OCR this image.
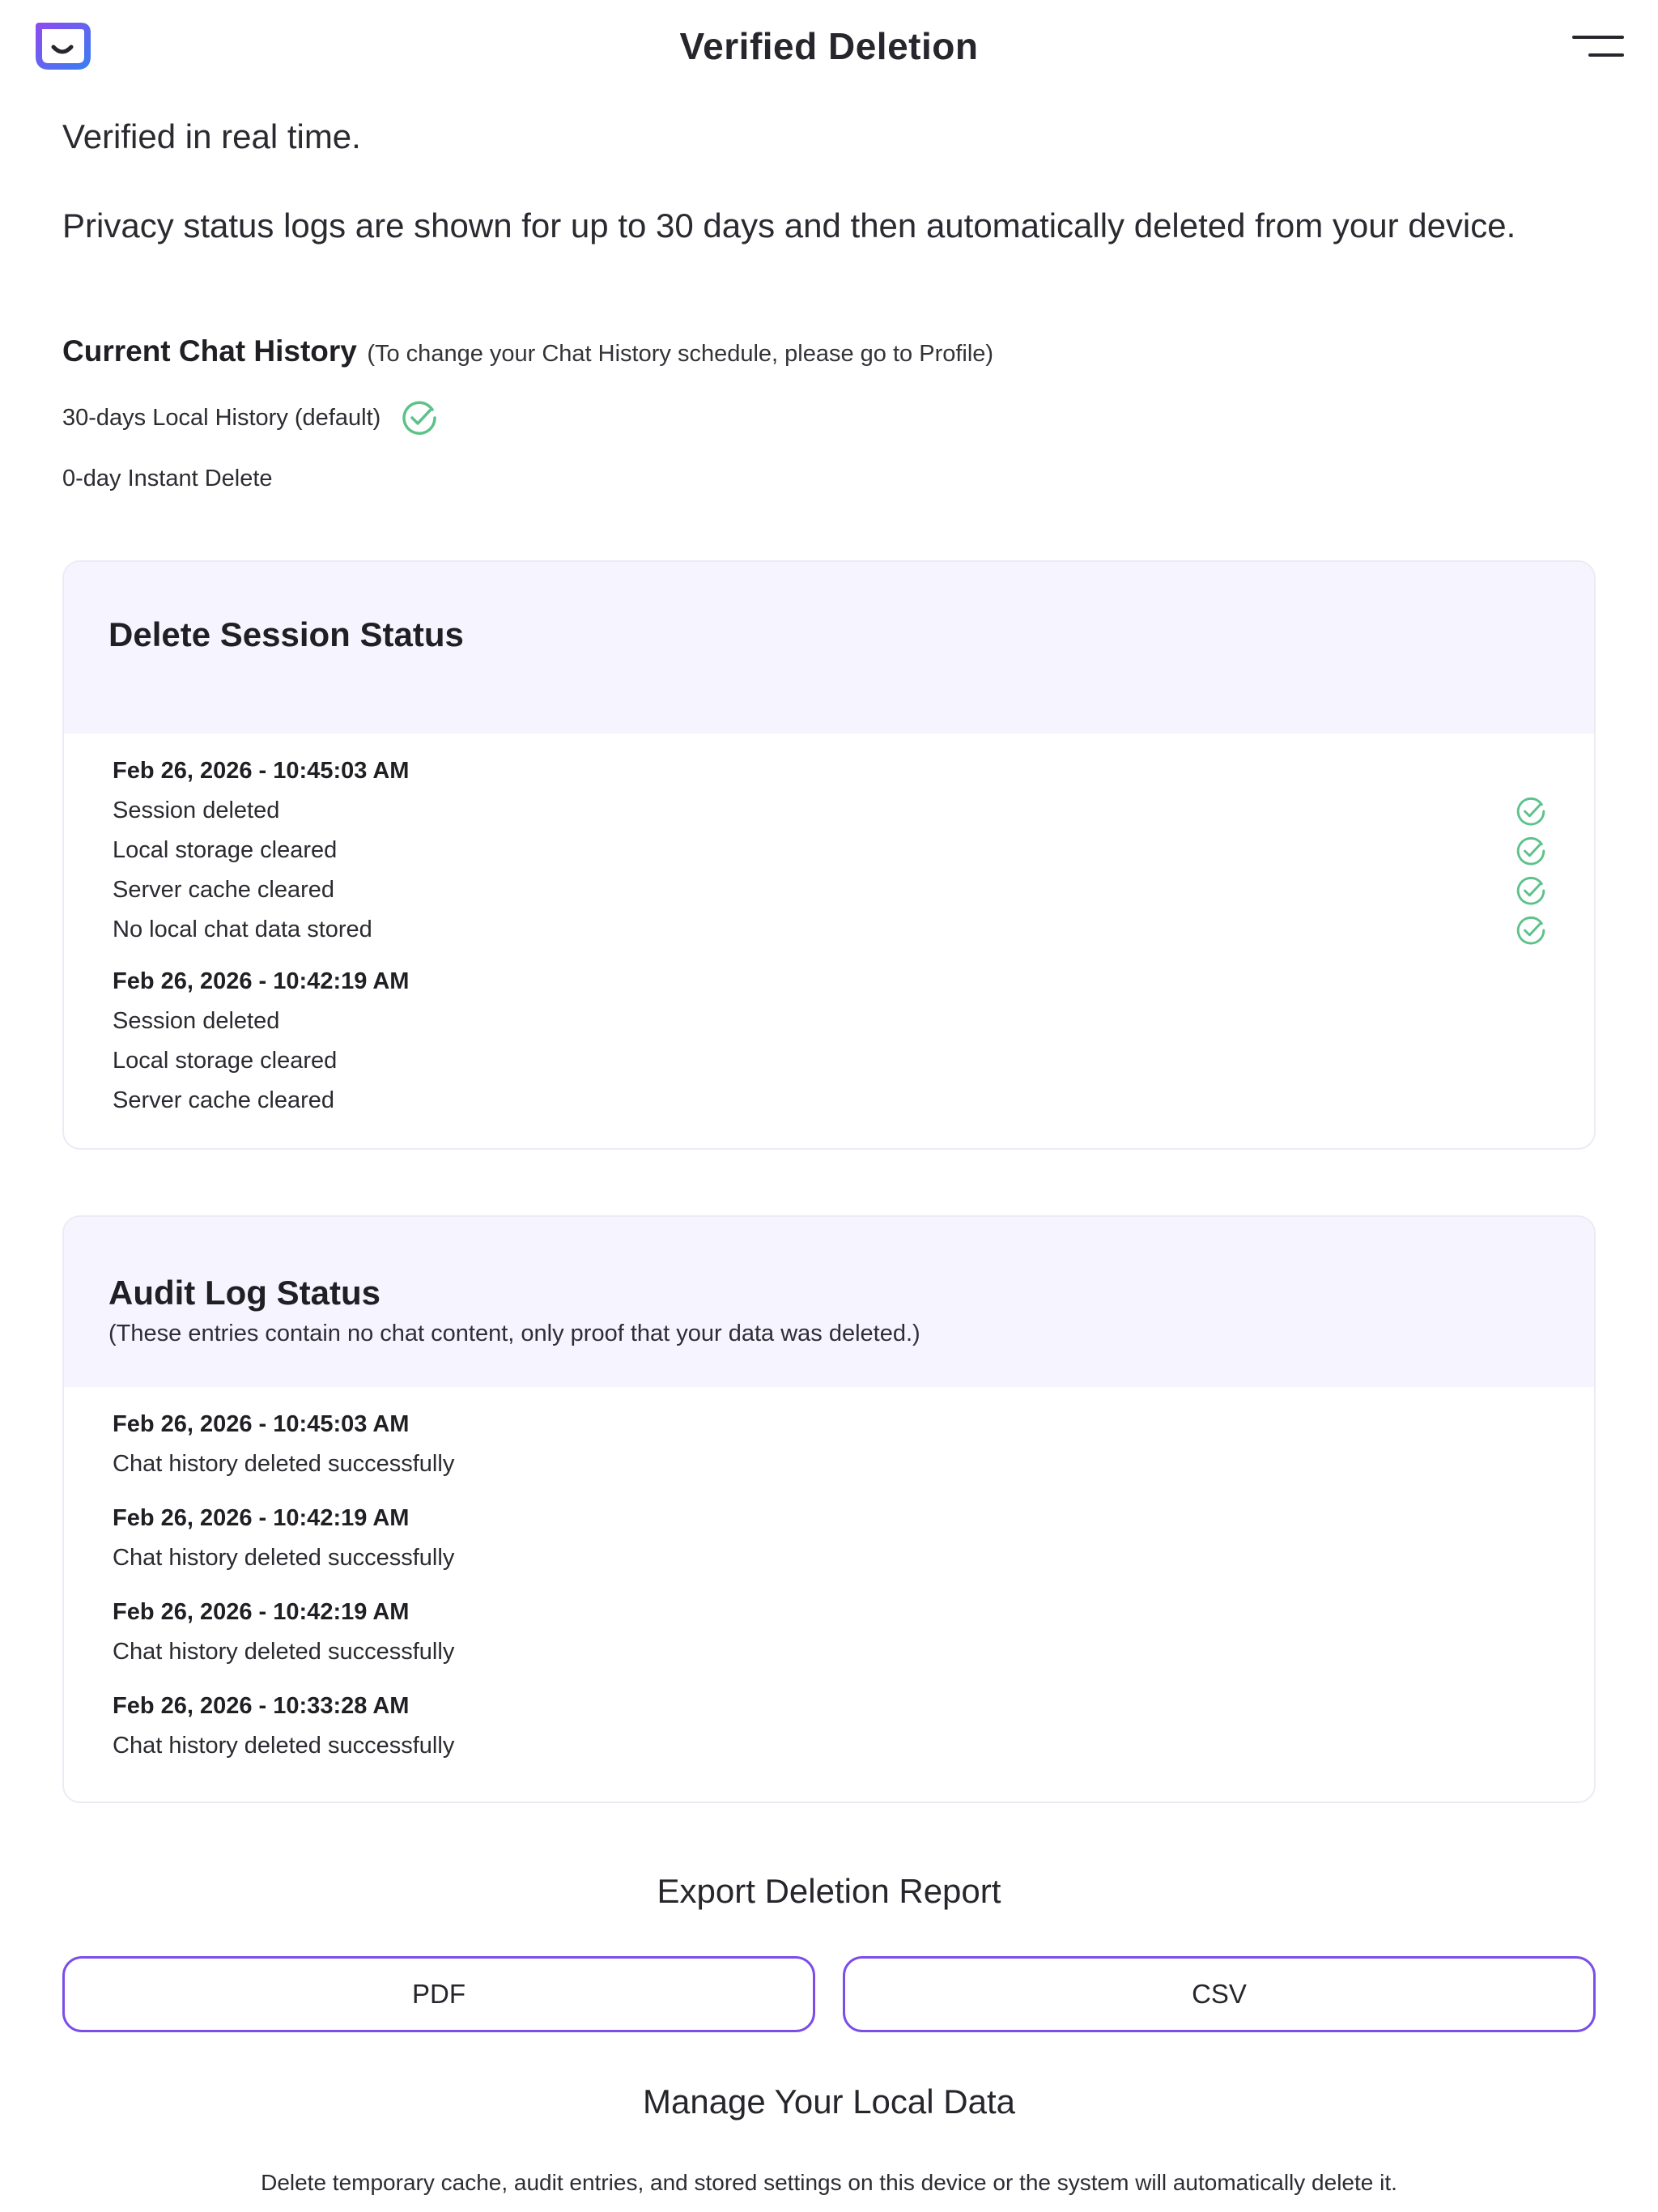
Verified Deletion
Verified in real time.
Privacy status logs are shown for up to 30 days and then automatically deleted from your device.
Current Chat History (To change your Chat History schedule, please go to Profile)
30-days Local History (default)
0-day Instant Delete
Delete Session Status
Feb 26, 2026 - 10:45:03 AM
Session deleted
Local storage cleared
Server cache cleared
No local chat data stored
Feb 26, 2026 - 10:42:19 AM
Session deleted
Local storage cleared
Server cache cleared
Audit Log Status
(These entries contain no chat content, only proof that your data was deleted.)
Feb 26, 2026 - 10:45:03 AM
Chat history deleted successfully
Feb 26, 2026 - 10:42:19 AM
Chat history deleted successfully
Feb 26, 2026 - 10:42:19 AM
Chat history deleted successfully
Feb 26, 2026 - 10:33:28 AM
Chat history deleted successfully
Export Deletion Report
PDF	CSV
Manage Your Local Data
Delete temporary cache, audit entries, and stored settings on this device or the system will automatically delete it.
